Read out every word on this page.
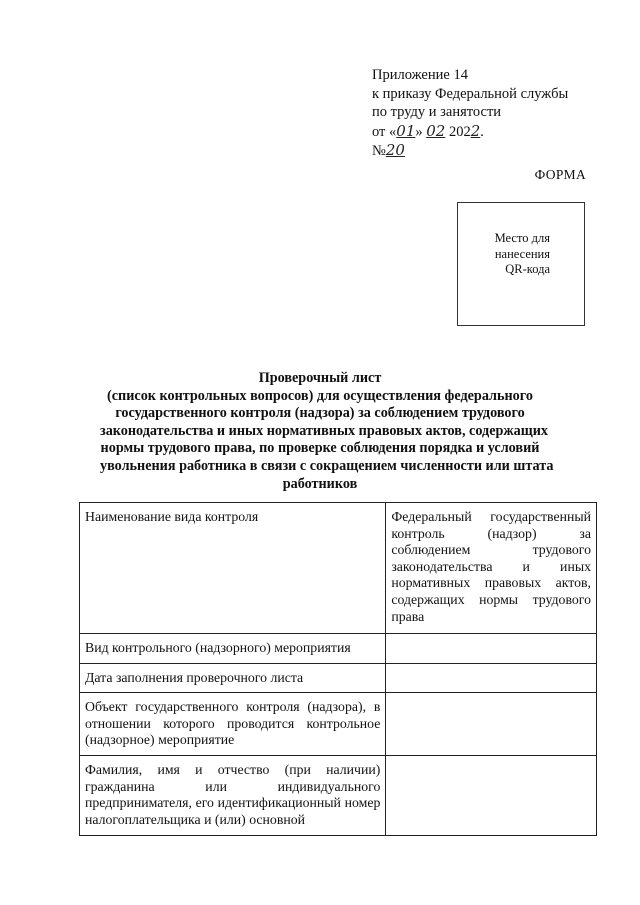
Приложение 14
к приказу Федеральной службы
по труду и занятости
от «01» 02 2022.
№20
ФОРМА
Место для
нанесения
QR-кода
Проверочный лист
(список контрольных вопросов) для осуществления федерального
государственного контроля (надзора) за соблюдением трудового
законодательства и иных нормативных правовых актов, содержащих
нормы трудового права, по проверке соблюдения порядка и условий
увольнения работника в связи с сокращением численности или штата
работников
Наименование вида контроля	Федеральный государственный контроль (надзор) за соблюдением трудового законодательства и иных нормативных правовых актов, содержащих нормы трудового права
Вид контрольного (надзорного) мероприятия	
Дата заполнения проверочного листа	
Объект государственного контроля (надзора), в отношении которого проводится контрольное (надзорное) мероприятие	
Фамилия, имя и отчество (при наличии) гражданина или индивидуального предпринимателя, его идентификационный номер налогоплательщика и (или) основной	
